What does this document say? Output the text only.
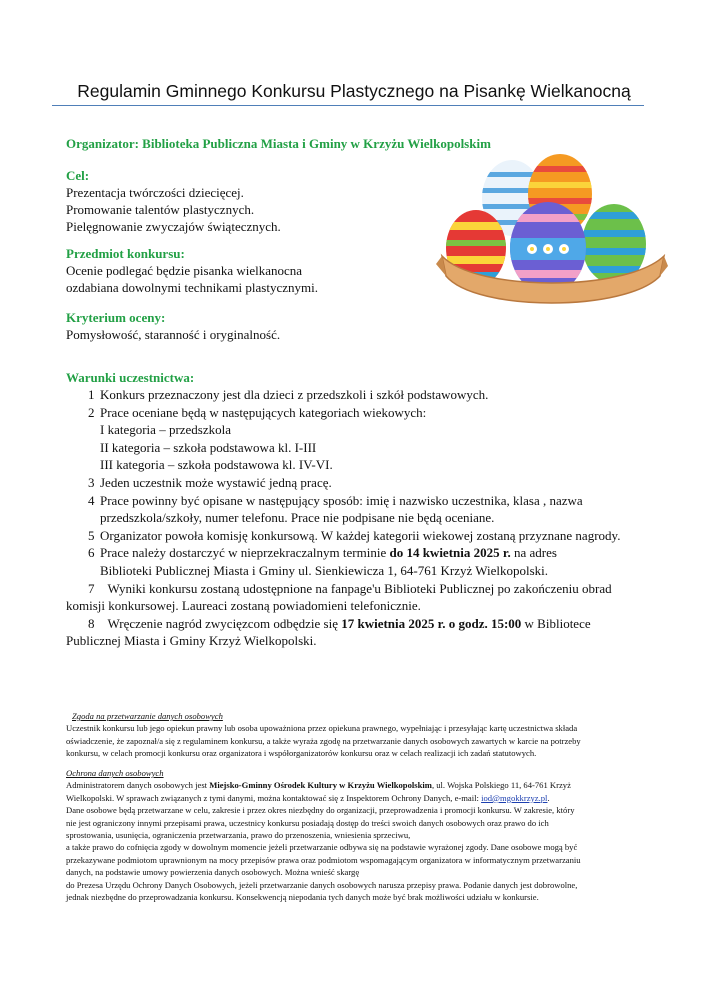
Regulamin Gminnego Konkursu Plastycznego na Pisankę Wielkanocną
Organizator: Biblioteka Publiczna Miasta i Gminy w Krzyżu Wielkopolskim
Cel:
Prezentacja twórczości dziecięcej.
Promowanie talentów plastycznych.
Pielęgnowanie zwyczajów świątecznych.
Przedmiot konkursu:
Ocenie podlegać będzie pisanka wielkanocna
ozdabiana dowolnymi technikami plastycznymi.
Kryterium oceny:
Pomysłowość, staranność i oryginalność.
Warunki uczestnictwa:
1 Konkurs przeznaczony jest dla dzieci z przedszkoli i szkół podstawowych.
2 Prace oceniane będą w następujących kategoriach wiekowych:
I kategoria – przedszkola
II kategoria – szkoła podstawowa kl. I-III
III kategoria – szkoła podstawowa kl. IV-VI.
3 Jeden uczestnik może wystawić jedną pracę.
4 Prace powinny być opisane w następujący sposób: imię i nazwisko uczestnika, klasa , nazwa
przedszkola/szkoły, numer telefonu. Prace nie podpisane nie będą oceniane.
5 Organizator powoła komisję konkursową. W każdej kategorii wiekowej zostaną przyznane nagrody.
6 Prace należy dostarczyć w nieprzekraczalnym terminie do 14 kwietnia 2025 r. na adres
Biblioteki Publicznej Miasta i Gminy ul. Sienkiewicza 1, 64-761 Krzyż Wielkopolski.
7 Wyniki konkursu zostaną udostępnione na fanpage'u Biblioteki Publicznej po zakończeniu obrad
komisji konkursowej. Laureaci zostaną powiadomieni telefonicznie.
8 Wręczenie nagród zwycięzcom odbędzie się 17 kwietnia 2025 r. o godz. 15:00 w Bibliotece
Publicznej Miasta i Gminy Krzyż Wielkopolski.
Zgoda na przetwarzanie danych osobowych
Uczestnik konkursu lub jego opiekun prawny lub osoba upoważniona przez opiekuna prawnego, wypełniając i przesyłając kartę uczestnictwa składa
oświadczenie, że zapoznał/a się z regulaminem konkursu, a także wyraża zgodę na przetwarzanie danych osobowych zawartych w karcie na potrzeby
konkursu, w celach promocji konkursu oraz organizatora i współorganizatorów konkursu oraz w celach realizacji ich zadań statutowych.
Ochrona danych osobowych
Administratorem danych osobowych jest Miejsko-Gminny Ośrodek Kultury w Krzyżu Wielkopolskim, ul. Wojska Polskiego 11, 64-761 Krzyż
Wielkopolski. W sprawach związanych z tymi danymi, można kontaktować się z Inspektorem Ochrony Danych, e-mail: iod@mgokkrzyz.pl.
Dane osobowe będą przetwarzane w celu, zakresie i przez okres niezbędny do organizacji, przeprowadzenia i promocji konkursu. W zakresie, który
nie jest ograniczony innymi przepisami prawa, uczestnicy konkursu posiadają dostęp do treści swoich danych osobowych oraz prawo do ich
sprostowania, usunięcia, ograniczenia przetwarzania, prawo do przenoszenia, wniesienia sprzeciwu,
a także prawo do cofnięcia zgody w dowolnym momencie jeżeli przetwarzanie odbywa się na podstawie wyrażonej zgody. Dane osobowe mogą być
przekazywane podmiotom uprawnionym na mocy przepisów prawa oraz podmiotom wspomagającym organizatora w informatycznym przetwarzaniu
danych, na podstawie umowy powierzenia danych osobowych. Można wnieść skargę
do Prezesa Urzędu Ochrony Danych Osobowych, jeżeli przetwarzanie danych osobowych narusza przepisy prawa. Podanie danych jest dobrowolne,
jednak niezbędne do przeprowadzania konkursu. Konsekwencją niepodania tych danych może być brak możliwości udziału w konkursie.
